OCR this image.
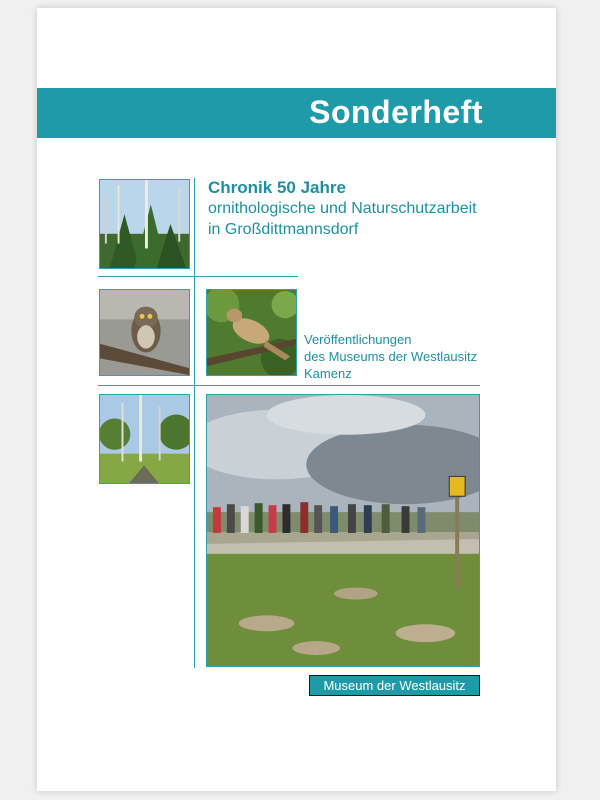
Sonderheft
Chronik 50 Jahre
ornithologische und Naturschutzarbeit
in Großdittmannsdorf
Veröffentlichungen
des Museums der Westlausitz
Kamenz
Museum der Westlausitz
